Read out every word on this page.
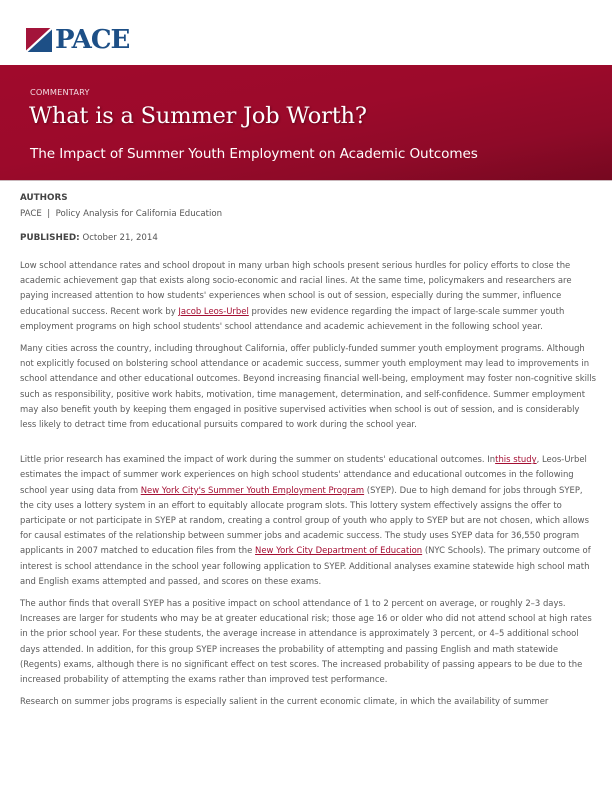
PACE
COMMENTARY
What is a Summer Job Worth?
The Impact of Summer Youth Employment on Academic Outcomes
AUTHORS
PACE | Policy Analysis for California Education
PUBLISHED: October 21, 2014

Low school attendance rates and school dropout in many urban high schools present serious hurdles for policy efforts to close the academic achievement gap that exists along socio-economic and racial lines. At the same time, policymakers and researchers are paying increased attention to how students' experiences when school is out of session, especially during the summer, influence educational success. Recent work by Jacob Leos-Urbel provides new evidence regarding the impact of large-scale summer youth employment programs on high school students' school attendance and academic achievement in the following school year.

Many cities across the country, including throughout California, offer publicly-funded summer youth employment programs. Although not explicitly focused on bolstering school attendance or academic success, summer youth employment may lead to improvements in school attendance and other educational outcomes. Beyond increasing financial well-being, employment may foster non-cognitive skills such as responsibility, positive work habits, motivation, time management, determination, and self-confidence. Summer employment may also benefit youth by keeping them engaged in positive supervised activities when school is out of session, and is considerably less likely to detract time from educational pursuits compared to work during the school year.

Little prior research has examined the impact of work during the summer on students' educational outcomes. Inthis study, Leos-Urbel estimates the impact of summer work experiences on high school students' attendance and educational outcomes in the following school year using data from New York City's Summer Youth Employment Program (SYEP). Due to high demand for jobs through SYEP, the city uses a lottery system in an effort to equitably allocate program slots. This lottery system effectively assigns the offer to participate or not participate in SYEP at random, creating a control group of youth who apply to SYEP but are not chosen, which allows for causal estimates of the relationship between summer jobs and academic success. The study uses SYEP data for 36,550 program applicants in 2007 matched to education files from the New York City Department of Education (NYC Schools). The primary outcome of interest is school attendance in the school year following application to SYEP. Additional analyses examine statewide high school math and English exams attempted and passed, and scores on these exams.

The author finds that overall SYEP has a positive impact on school attendance of 1 to 2 percent on average, or roughly 2–3 days. Increases are larger for students who may be at greater educational risk; those age 16 or older who did not attend school at high rates in the prior school year. For these students, the average increase in attendance is approximately 3 percent, or 4–5 additional school days attended. In addition, for this group SYEP increases the probability of attempting and passing English and math statewide (Regents) exams, although there is no significant effect on test scores. The increased probability of passing appears to be due to the increased probability of attempting the exams rather than improved test performance.

Research on summer jobs programs is especially salient in the current economic climate, in which the availability of summer
